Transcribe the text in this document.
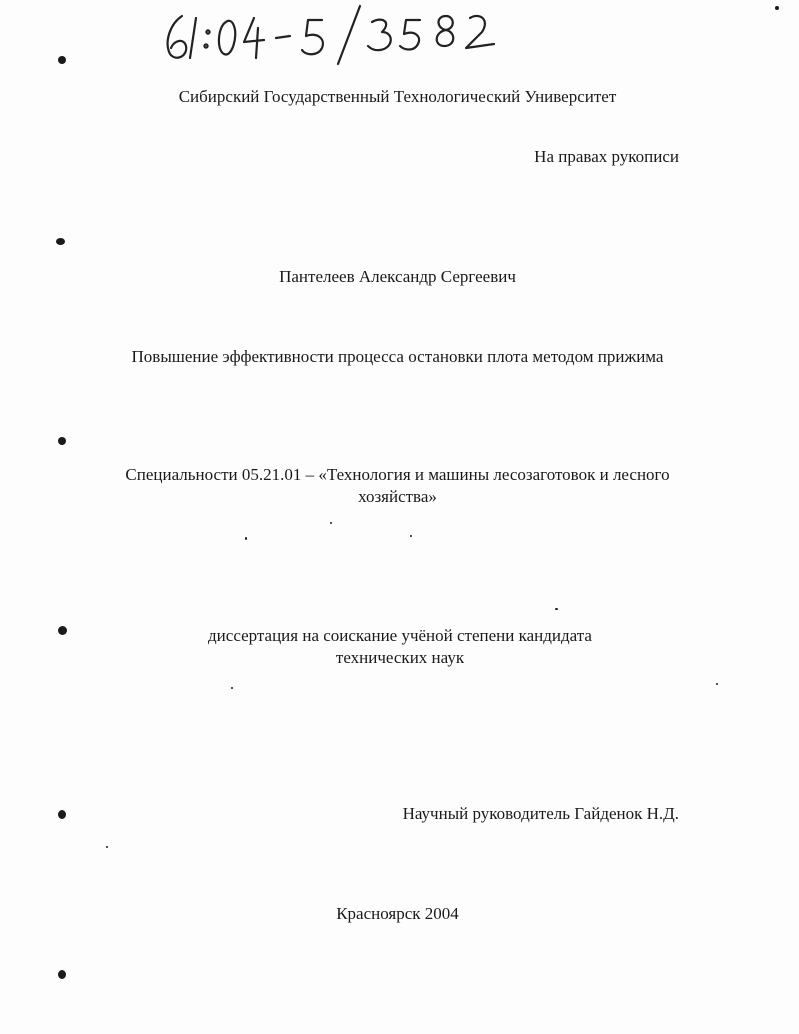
Сибирский Государственный Технологический Университет
На правах рукописи
Пантелеев Александр Сергеевич
Повышение эффективности процесса остановки плота методом прижима
Специальности 05.21.01 – «Технология и машины лесозаготовок и лесного
хозяйства»
диссертация на соискание учёной степени кандидата
технических наук
Научный руководитель Гайденок Н.Д.
Красноярск 2004
